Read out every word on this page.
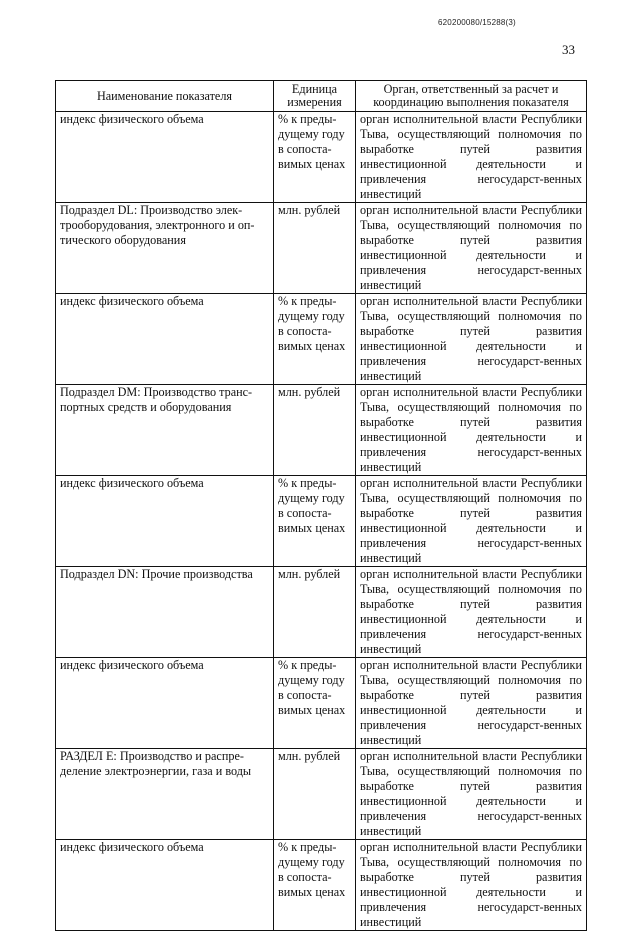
620200080/15288(3)
33
Наименование показателя	Единица измерения	Орган, ответственный за расчет и координацию выполнения показателя
индекс физического объема	% к преды-дущему году в сопоста-вимых ценах	орган исполнительной власти Республики Тыва, осуществляющий полномочия по выработке путей развития инвестиционной деятельности и привлечения негосударст-венных инвестиций
Подраздел DL: Производство элек-трооборудования, электронного и оп-тического оборудования	млн. рублей	орган исполнительной власти Республики Тыва, осуществляющий полномочия по выработке путей развития инвестиционной деятельности и привлечения негосударст-венных инвестиций
индекс физического объема	% к преды-дущему году в сопоста-вимых ценах	орган исполнительной власти Республики Тыва, осуществляющий полномочия по выработке путей развития инвестиционной деятельности и привлечения негосударст-венных инвестиций
Подраздел DM: Производство транс-портных средств и оборудования	млн. рублей	орган исполнительной власти Республики Тыва, осуществляющий полномочия по выработке путей развития инвестиционной деятельности и привлечения негосударст-венных инвестиций
индекс физического объема	% к преды-дущему году в сопоста-вимых ценах	орган исполнительной власти Республики Тыва, осуществляющий полномочия по выработке путей развития инвестиционной деятельности и привлечения негосударст-венных инвестиций
Подраздел DN: Прочие производства	млн. рублей	орган исполнительной власти Республики Тыва, осуществляющий полномочия по выработке путей развития инвестиционной деятельности и привлечения негосударст-венных инвестиций
индекс физического объема	% к преды-дущему году в сопоста-вимых ценах	орган исполнительной власти Республики Тыва, осуществляющий полномочия по выработке путей развития инвестиционной деятельности и привлечения негосударст-венных инвестиций
РАЗДЕЛ Е: Производство и распре-деление электроэнергии, газа и воды	млн. рублей	орган исполнительной власти Республики Тыва, осуществляющий полномочия по выработке путей развития инвестиционной деятельности и привлечения негосударст-венных инвестиций
индекс физического объема	% к преды-дущему году в сопоста-вимых ценах	орган исполнительной власти Республики Тыва, осуществляющий полномочия по выработке путей развития инвестиционной деятельности и привлечения негосударст-венных инвестиций
